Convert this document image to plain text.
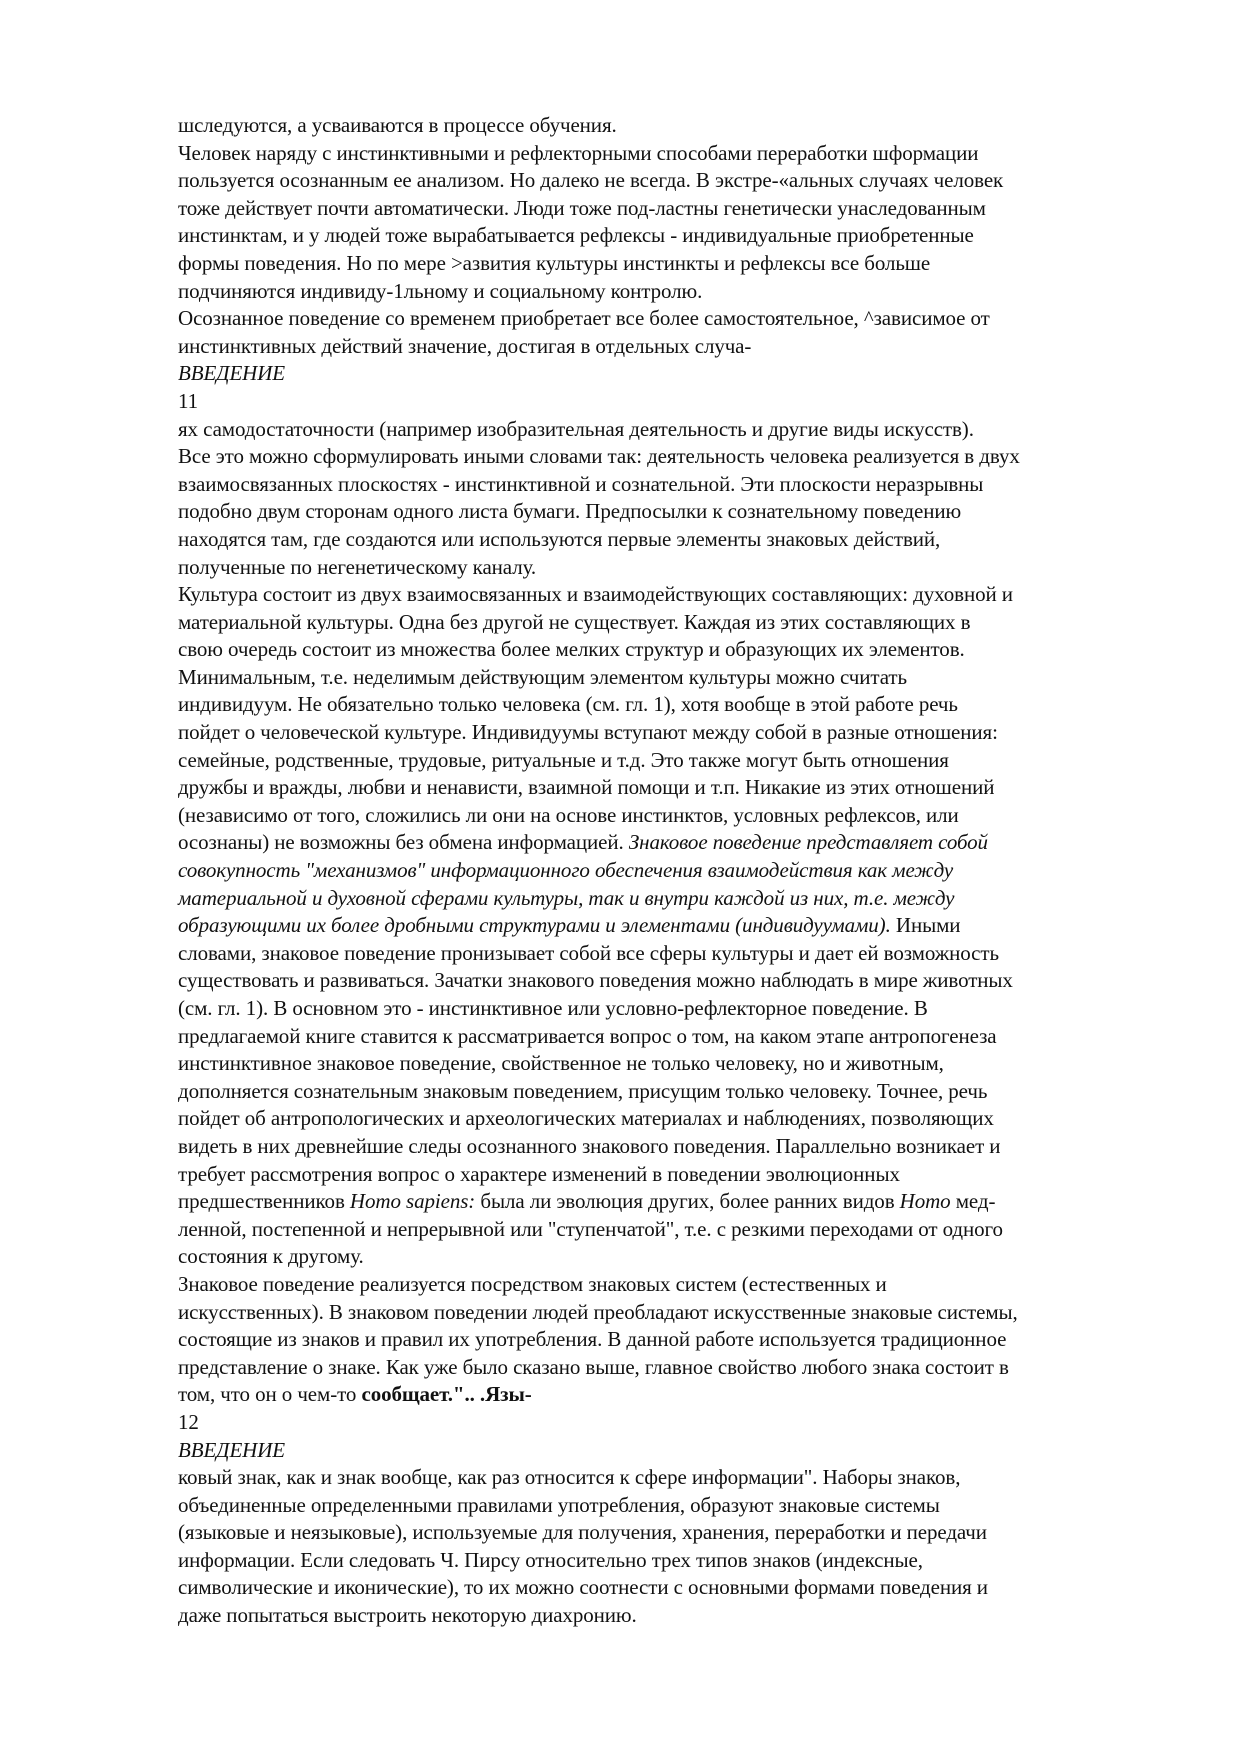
шследуются, а усваиваются в процессе обучения.
Человек наряду с инстинктивными и рефлекторными способами переработки шформации
пользуется осознанным ее анализом. Но далеко не всегда. В экстре-«альных случаях человек
тоже действует почти автоматически. Люди тоже под-ластны генетически унаследованным
инстинктам, и у людей тоже вырабатывается рефлексы - индивидуальные приобретенные
формы поведения. Но по мере >азвития культуры инстинкты и рефлексы все больше
подчиняются индивиду-1льному и социальному контролю.
Осознанное поведение со временем приобретает все более самостоятельное, ^зависимое от
инстинктивных действий значение, достигая в отдельных случа-
ВВЕДЕНИЕ
11
ях самодостаточности (например изобразительная деятельность и другие виды искусств).
Все это можно сформулировать иными словами так: деятельность человека реализуется в двух
взаимосвязанных плоскостях - инстинктивной и сознательной. Эти плоскости неразрывны
подобно двум сторонам одного листа бумаги. Предпосылки к сознательному поведению
находятся там, где создаются или используются первые элементы знаковых действий,
полученные по негенетическому каналу.
Культура состоит из двух взаимосвязанных и взаимодействующих составляющих: духовной и
материальной культуры. Одна без другой не существует. Каждая из этих составляющих в
свою очередь состоит из множества более мелких структур и образующих их элементов.
Минимальным, т.е. неделимым действующим элементом культуры можно считать
индивидуум. Не обязательно только человека (см. гл. 1), хотя вообще в этой работе речь
пойдет о человеческой культуре. Индивидуумы вступают между собой в разные отношения:
семейные, родственные, трудовые, ритуальные и т.д. Это также могут быть отношения
дружбы и вражды, любви и ненависти, взаимной помощи и т.п. Никакие из этих отношений
(независимо от того, сложились ли они на основе инстинктов, условных рефлексов, или
осознаны) не возможны без обмена информацией. Знаковое поведение представляет собой
совокупность "механизмов" информационного обеспечения взаимодействия как между
материальной и духовной сферами культуры, так и внутри каждой из них, т.е. между
образующими их более дробными структурами и элементами (индивидуумами). Иными
словами, знаковое поведение пронизывает собой все сферы культуры и дает ей возможность
существовать и развиваться. Зачатки знакового поведения можно наблюдать в мире животных
(см. гл. 1). В основном это - инстинктивное или условно-рефлекторное поведение. В
предлагаемой книге ставится к рассматривается вопрос о том, на каком этапе антропогенеза
инстинктивное знаковое поведение, свойственное не только человеку, но и животным,
дополняется сознательным знаковым поведением, присущим только человеку. Точнее, речь
пойдет об антропологических и археологических материалах и наблюдениях, позволяющих
видеть в них древнейшие следы осознанного знакового поведения. Параллельно возникает и
требует рассмотрения вопрос о характере изменений в поведении эволюционных
предшественников Homo sapiens: была ли эволюция других, более ранних видов Homo мед-
ленной, постепенной и непрерывной или "ступенчатой", т.е. с резкими переходами от одного
состояния к другому.
Знаковое поведение реализуется посредством знаковых систем (естественных и
искусственных). В знаковом поведении людей преобладают искусственные знаковые системы,
состоящие из знаков и правил их употребления. В данной работе используется традиционное
представление о знаке. Как уже было сказано выше, главное свойство любого знака состоит в
том, что он о чем-то сообщает.".. .Язы-
12
ВВЕДЕНИЕ
ковый знак, как и знак вообще, как раз относится к сфере информации". Наборы знаков,
объединенные определенными правилами употребления, образуют знаковые системы
(языковые и неязыковые), используемые для получения, хранения, переработки и передачи
информации. Если следовать Ч. Пирсу относительно трех типов знаков (индексные,
символические и иконические), то их можно соотнести с основными формами поведения и
даже попытаться выстроить некоторую диахронию.
